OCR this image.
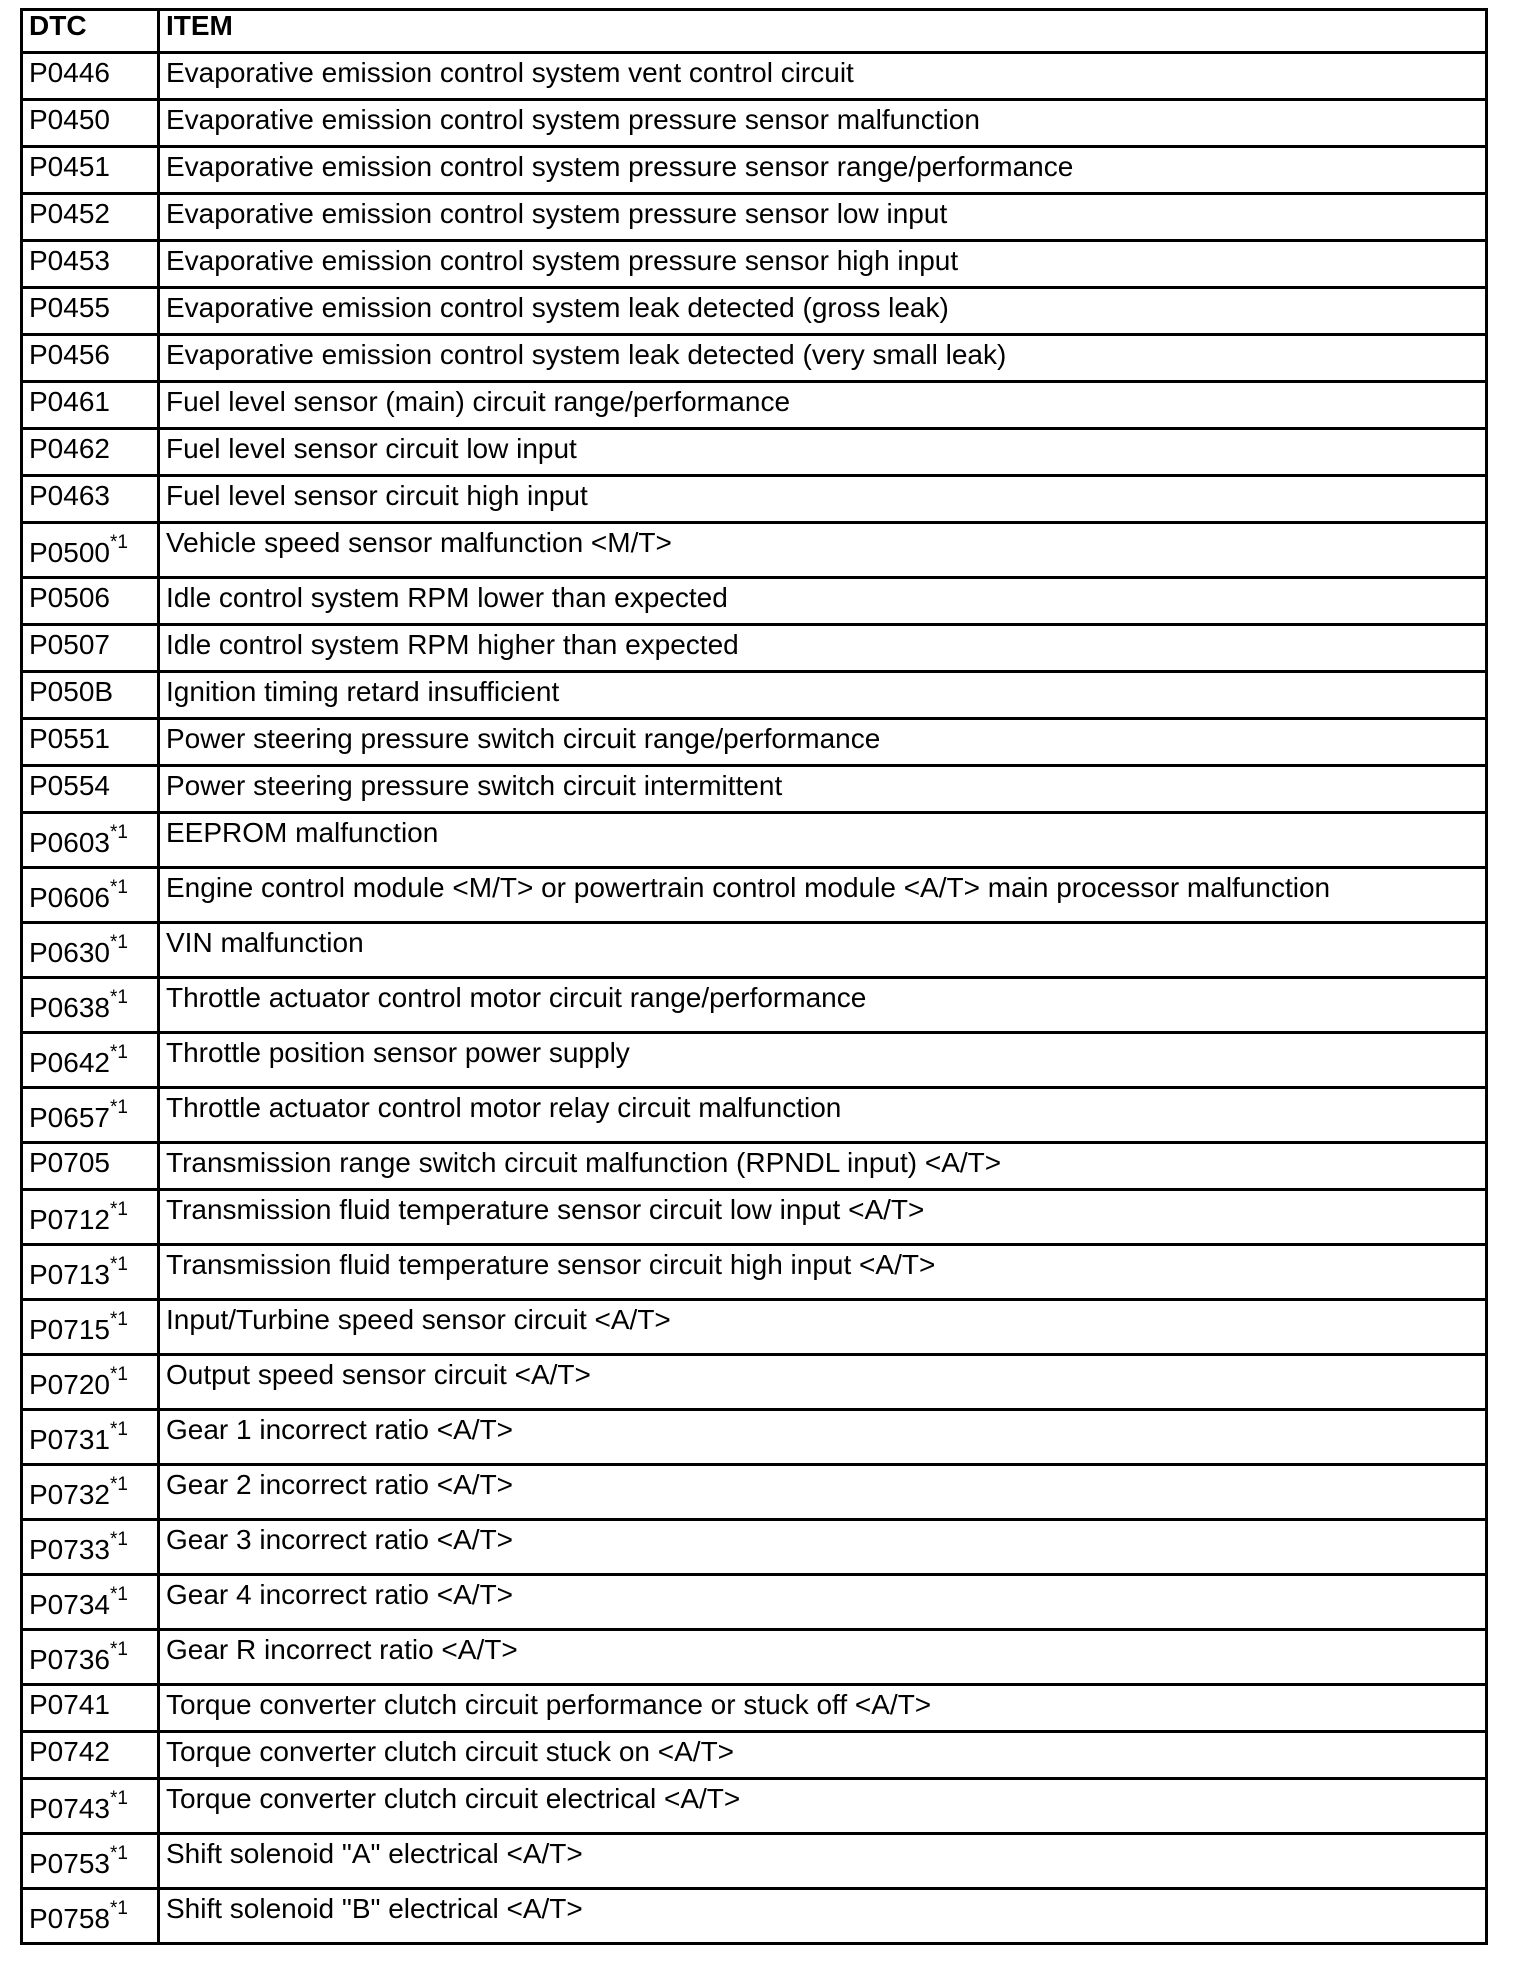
DTC	ITEM
P0446	Evaporative emission control system vent control circuit
P0450	Evaporative emission control system pressure sensor malfunction
P0451	Evaporative emission control system pressure sensor range/performance
P0452	Evaporative emission control system pressure sensor low input
P0453	Evaporative emission control system pressure sensor high input
P0455	Evaporative emission control system leak detected (gross leak)
P0456	Evaporative emission control system leak detected (very small leak)
P0461	Fuel level sensor (main) circuit range/performance
P0462	Fuel level sensor circuit low input
P0463	Fuel level sensor circuit high input
P0500$^{*1}$	Vehicle speed sensor malfunction <M/T>
P0506	Idle control system RPM lower than expected
P0507	Idle control system RPM higher than expected
P050B	Ignition timing retard insufficient
P0551	Power steering pressure switch circuit range/performance
P0554	Power steering pressure switch circuit intermittent
P0603$^{*1}$	EEPROM malfunction
P0606$^{*1}$	Engine control module <M/T> or powertrain control module <A/T> main processor malfunction
P0630$^{*1}$	VIN malfunction
P0638$^{*1}$	Throttle actuator control motor circuit range/performance
P0642$^{*1}$	Throttle position sensor power supply
P0657$^{*1}$	Throttle actuator control motor relay circuit malfunction
P0705	Transmission range switch circuit malfunction (RPNDL input) <A/T>
$P0712^{*1}$	Transmission fluid temperature sensor circuit low input <A/T>
$P0713^{*1}$	Transmission fluid temperature sensor circuit high input <A/T>
$P0715^{*1}$	Input/Turbine speed sensor circuit <A/T>
$P0720^{*1}$	Output speed sensor circuit <A/T>
$P0731^{*1}$	Gear 1 incorrect ratio <A/T>
$P0732^{*1}$	Gear 2 incorrect ratio <A/T>
$P0733^{*1}$	Gear 3 incorrect ratio <A/T>
$P0734^{*1}$	Gear 4 incorrect ratio <A/T>
$P0736^{*1}$	Gear R incorrect ratio <A/T>
P0741	Torque converter clutch circuit performance or stuck off <A/T>
P0742	Torque converter clutch circuit stuck on <A/T>
$P0743^{*1}$	Torque converter clutch circuit electrical <A/T>
$P0753^{*1}$	Shift solenoid "A" electrical <A/T>
$P0758^{*1}$	Shift solenoid "B" electrical <A/T>
